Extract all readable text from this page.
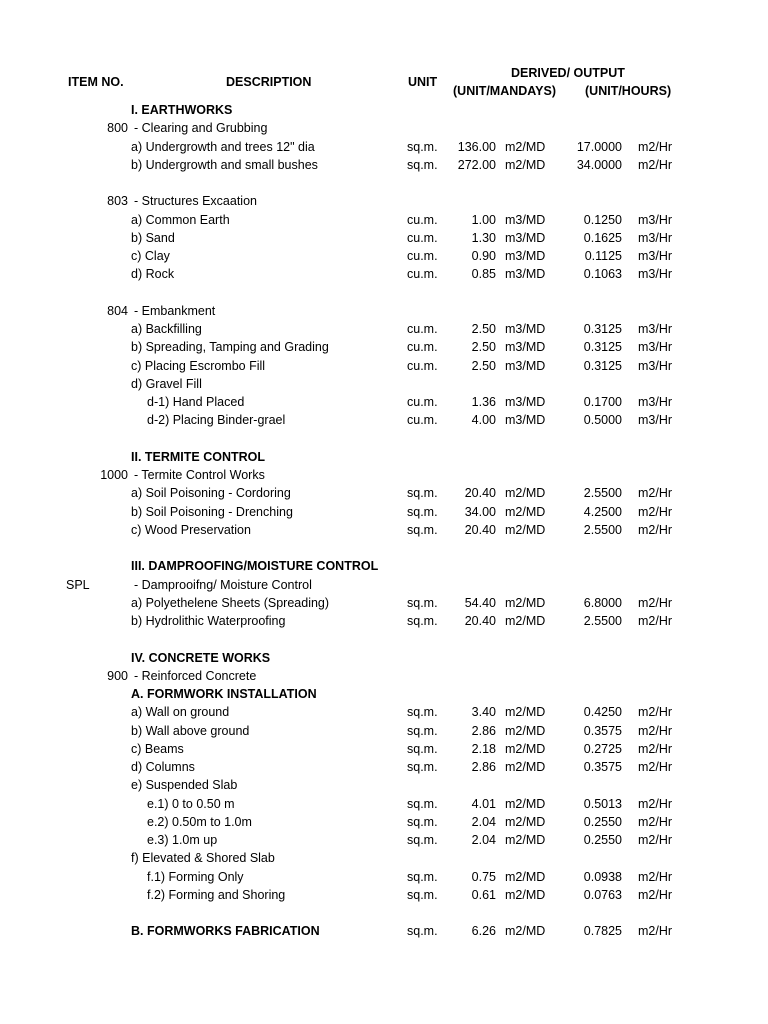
ITEM NO.	DESCRIPTION	UNIT
DERIVED/ OUTPUT
(UNIT/MANDAYS) (UNIT/HOURS)
I. EARTHWORKS
800 - Clearing and Grubbing
a) Undergrowth and trees 12" dia	sq.m.	136.00 m2/MD	17.0000 m2/Hr
b) Undergrowth and small bushes	sq.m.	272.00 m2/MD	34.0000 m2/Hr
803 - Structures Excaation
a) Common Earth	cu.m.	1.00 m3/MD	0.1250 m3/Hr
b) Sand	cu.m.	1.30 m3/MD	0.1625 m3/Hr
c) Clay	cu.m.	0.90 m3/MD	0.1125 m3/Hr
d) Rock	cu.m.	0.85 m3/MD	0.1063 m3/Hr
804 - Embankment
a) Backfilling	cu.m.	2.50 m3/MD	0.3125 m3/Hr
b) Spreading, Tamping and Grading	cu.m.	2.50 m3/MD	0.3125 m3/Hr
c) Placing Escrombo Fill	cu.m.	2.50 m3/MD	0.3125 m3/Hr
d) Gravel Fill
d-1) Hand Placed	cu.m.	1.36 m3/MD	0.1700 m3/Hr
d-2) Placing Binder-grael	cu.m.	4.00 m3/MD	0.5000 m3/Hr
II. TERMITE CONTROL
1000 - Termite Control Works
a) Soil Poisoning - Cordoring	sq.m.	20.40 m2/MD	2.5500 m2/Hr
b) Soil Poisoning - Drenching	sq.m.	34.00 m2/MD	4.2500 m2/Hr
c) Wood Preservation	sq.m.	20.40 m2/MD	2.5500 m2/Hr
III. DAMPROOFING/MOISTURE CONTROL
SPL	- Damprooifng/ Moisture Control
a) Polyethelene Sheets (Spreading)	sq.m.	54.40 m2/MD	6.8000 m2/Hr
b) Hydrolithic Waterproofing	sq.m.	20.40 m2/MD	2.5500 m2/Hr
IV. CONCRETE WORKS
900 - Reinforced Concrete
A. FORMWORK INSTALLATION
a) Wall on ground	sq.m.	3.40 m2/MD	0.4250 m2/Hr
b) Wall above ground	sq.m.	2.86 m2/MD	0.3575 m2/Hr
c) Beams	sq.m.	2.18 m2/MD	0.2725 m2/Hr
d) Columns	sq.m.	2.86 m2/MD	0.3575 m2/Hr
e) Suspended Slab
e.1) 0 to 0.50 m	sq.m.	4.01 m2/MD	0.5013 m2/Hr
e.2) 0.50m to 1.0m	sq.m.	2.04 m2/MD	0.2550 m2/Hr
e.3) 1.0m up	sq.m.	2.04 m2/MD	0.2550 m2/Hr
f) Elevated & Shored Slab
f.1) Forming Only	sq.m.	0.75 m2/MD	0.0938 m2/Hr
f.2) Forming and Shoring	sq.m.	0.61 m2/MD	0.0763 m2/Hr
B. FORMWORKS FABRICATION	sq.m.	6.26 m2/MD	0.7825 m2/Hr
